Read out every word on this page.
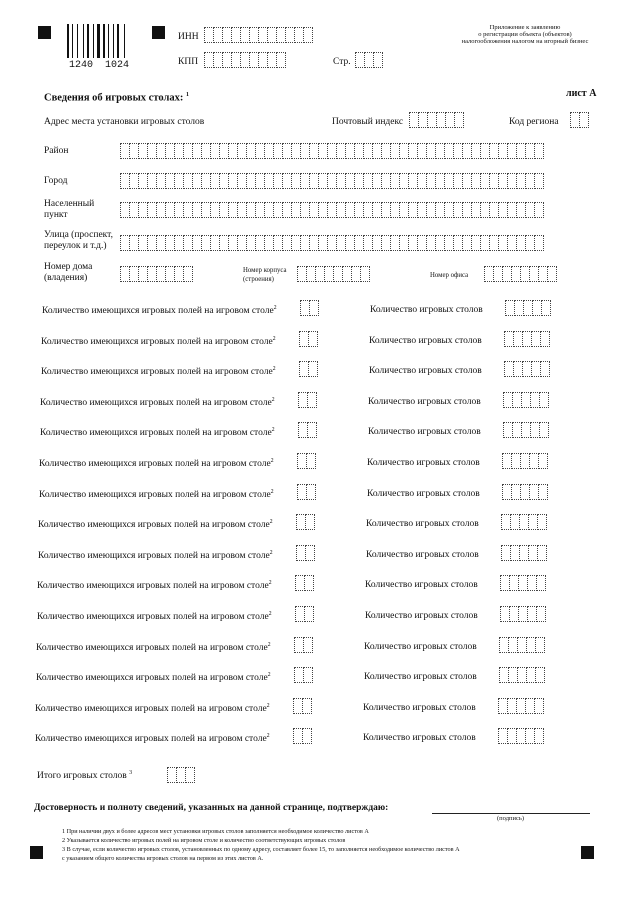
1240  1024
ИНН
КПП	Стр.
Приложение к заявлению
о регистрации объекта (объектов)
налогообложения налогом на игорный бизнес
лист А
Сведения об игровых столах: $^1$
Адрес места установки игровых столов	Почтовый индекс	Код региона
Район
Город
Населенный
пункт
Улица (проспект,
переулок и т.д.)
Номер дома
(владения)
Номер корпуса
(строения)
Номер офиса
Количество имеющихся игровых полей на игровом столе$^2$	Количество игровых столов
Количество имеющихся игровых полей на игровом столе$^2$	Количество игровых столов
Количество имеющихся игровых полей на игровом столе$^2$	Количество игровых столов
Количество имеющихся игровых полей на игровом столе$^2$	Количество игровых столов
Количество имеющихся игровых полей на игровом столе$^2$	Количество игровых столов
Количество имеющихся игровых полей на игровом столе$^2$	Количество игровых столов
Количество имеющихся игровых полей на игровом столе$^2$	Количество игровых столов
Количество имеющихся игровых полей на игровом столе$^2$	Количество игровых столов
Количество имеющихся игровых полей на игровом столе$^2$	Количество игровых столов
Количество имеющихся игровых полей на игровом столе$^2$	Количество игровых столов
Количество имеющихся игровых полей на игровом столе$^2$	Количество игровых столов
Количество имеющихся игровых полей на игровом столе$^2$	Количество игровых столов
Количество имеющихся игровых полей на игровом столе$^2$	Количество игровых столов
Количество имеющихся игровых полей на игровом столе$^2$	Количество игровых столов
Количество имеющихся игровых полей на игровом столе$^2$	Количество игровых столов
Итого игровых столов $^3$
Достоверность и полноту сведений, указанных на данной странице, подтверждаю:
(подпись)
1 При наличии двух и более адресов мест установки игровых столов заполняется необходимое количество листов А
2 Указывается количество игровых полей на игровом столе и количество соответствующих игровых столов
3 В случае, если количество игровых столов, установленных по одному адресу, составляет более 15, то заполняется необходимое количество листов А
с указанием общего количества игровых столов на первом из этих листов А.
